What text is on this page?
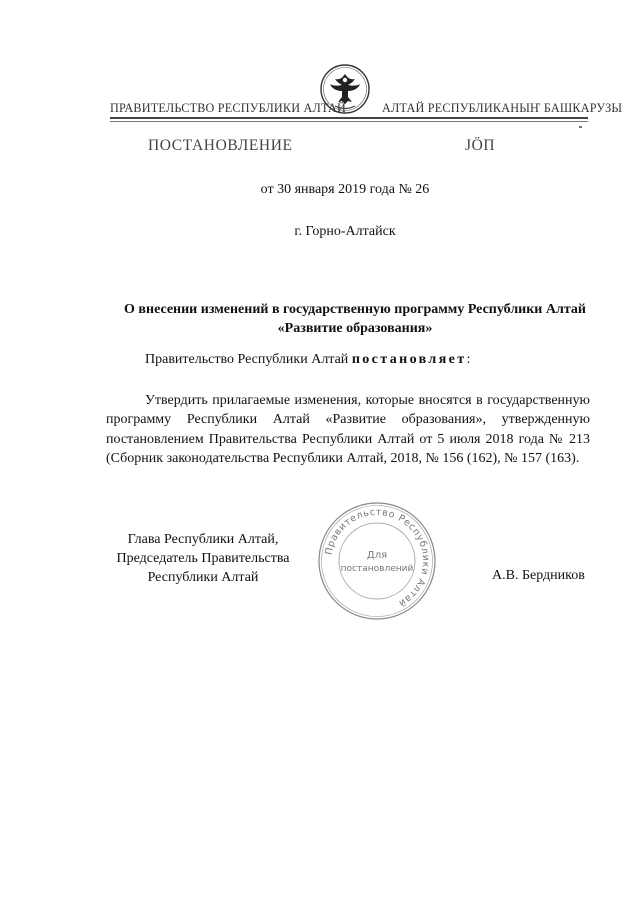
ПРАВИТЕЛЬСТВО РЕСПУБЛИКИ АЛТАЙ	АЛТАЙ РЕСПУБЛИКАНЫҤ БАШКАРУЗЫ
ПОСТАНОВЛЕНИЕ	ЈӦП
от 30 января 2019 года № 26
г. Горно-Алтайск
О внесении изменений в государственную программу Республики Алтай «Развитие образования»
Правительство Республики Алтай постановляет:
Утвердить прилагаемые изменения, которые вносятся в государственную программу Республики Алтай «Развитие образования», утвержденную постановлением Правительства Республики Алтай от 5 июля 2018 года № 213 (Сборник законодательства Республики Алтай, 2018, № 156 (162), № 157 (163).
Глава Республики Алтай,
Председатель Правительства
Республики Алтай	А.В. Бердников
Правительство Республики Алтай
Для
постановлений
